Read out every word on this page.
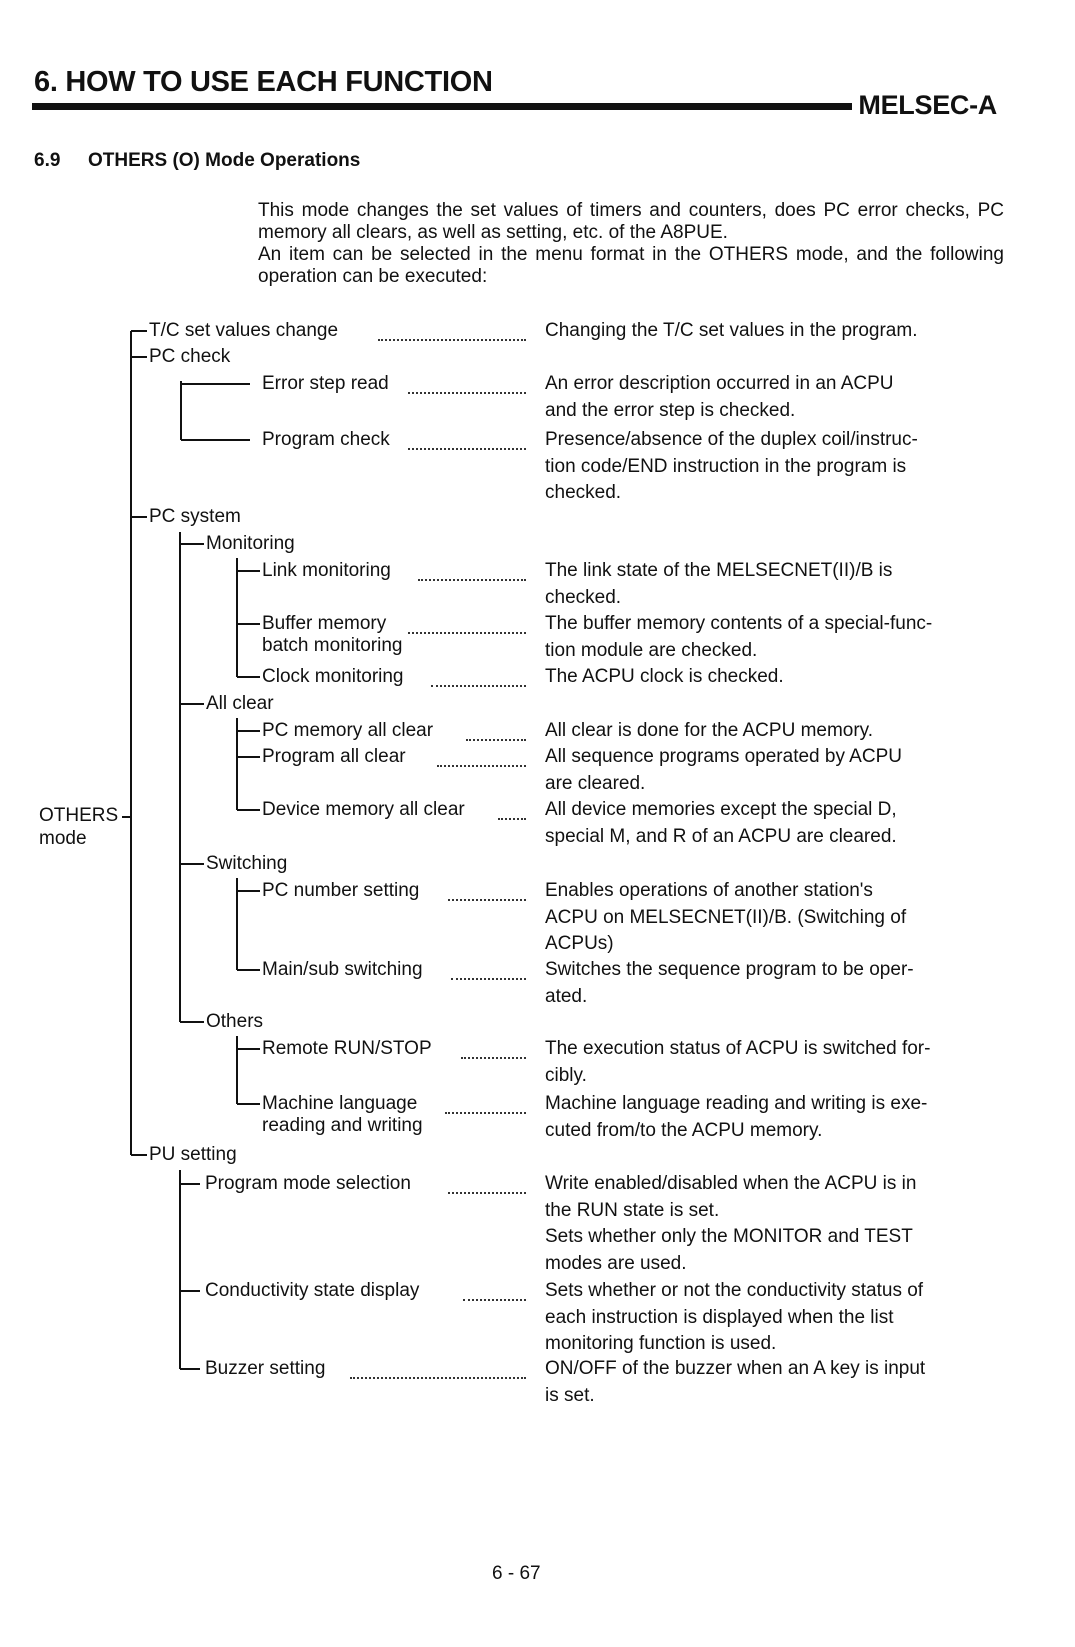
6. HOW TO USE EACH FUNCTION
MELSEC-A
6.9 OTHERS (O) Mode Operations

This mode changes the set values of timers and counters, does PC error checks, PC memory all clears, as well as setting, etc. of the A8PUE.

An item can be selected in the menu format in the OTHERS mode, and the following operation can be executed:

OTHERS
mode
PC check
PC system
Monitoring
All clear
Switching
Others
PU setting
T/C set values change
Error step read
Program check
Link monitoring
Buffer memory
batch monitoring
Clock monitoring
PC memory all clear
Program all clear
Device memory all clear
PC number setting
Main/sub switching
Remote RUN/STOP
Machine language
reading and writing
Program mode selection
Conductivity state display
Buzzer setting
Changing the T/C set values in the program.
An error description occurred in an ACPU
and the error step is checked.
Presence/absence of the duplex coil/instruc-
tion code/END instruction in the program is
checked.
The link state of the MELSECNET(II)/B is
checked.
The buffer memory contents of a special-func-
tion module are checked.
The ACPU clock is checked.
All clear is done for the ACPU memory.
All sequence programs operated by ACPU
are cleared.
All device memories except the special D,
special M, and R of an ACPU are cleared.
Enables operations of another station's
ACPU on MELSECNET(II)/B. (Switching of
ACPUs)
Switches the sequence program to be oper-
ated.
The execution status of ACPU is switched for-
cibly.
Machine language reading and writing is exe-
cuted from/to the ACPU memory.
Write enabled/disabled when the ACPU is in
the RUN state is set.
Sets whether only the MONITOR and TEST
modes are used.
Sets whether or not the conductivity status of
each instruction is displayed when the list
monitoring function is used.
ON/OFF of the buzzer when an A key is input
is set.
6 - 67
